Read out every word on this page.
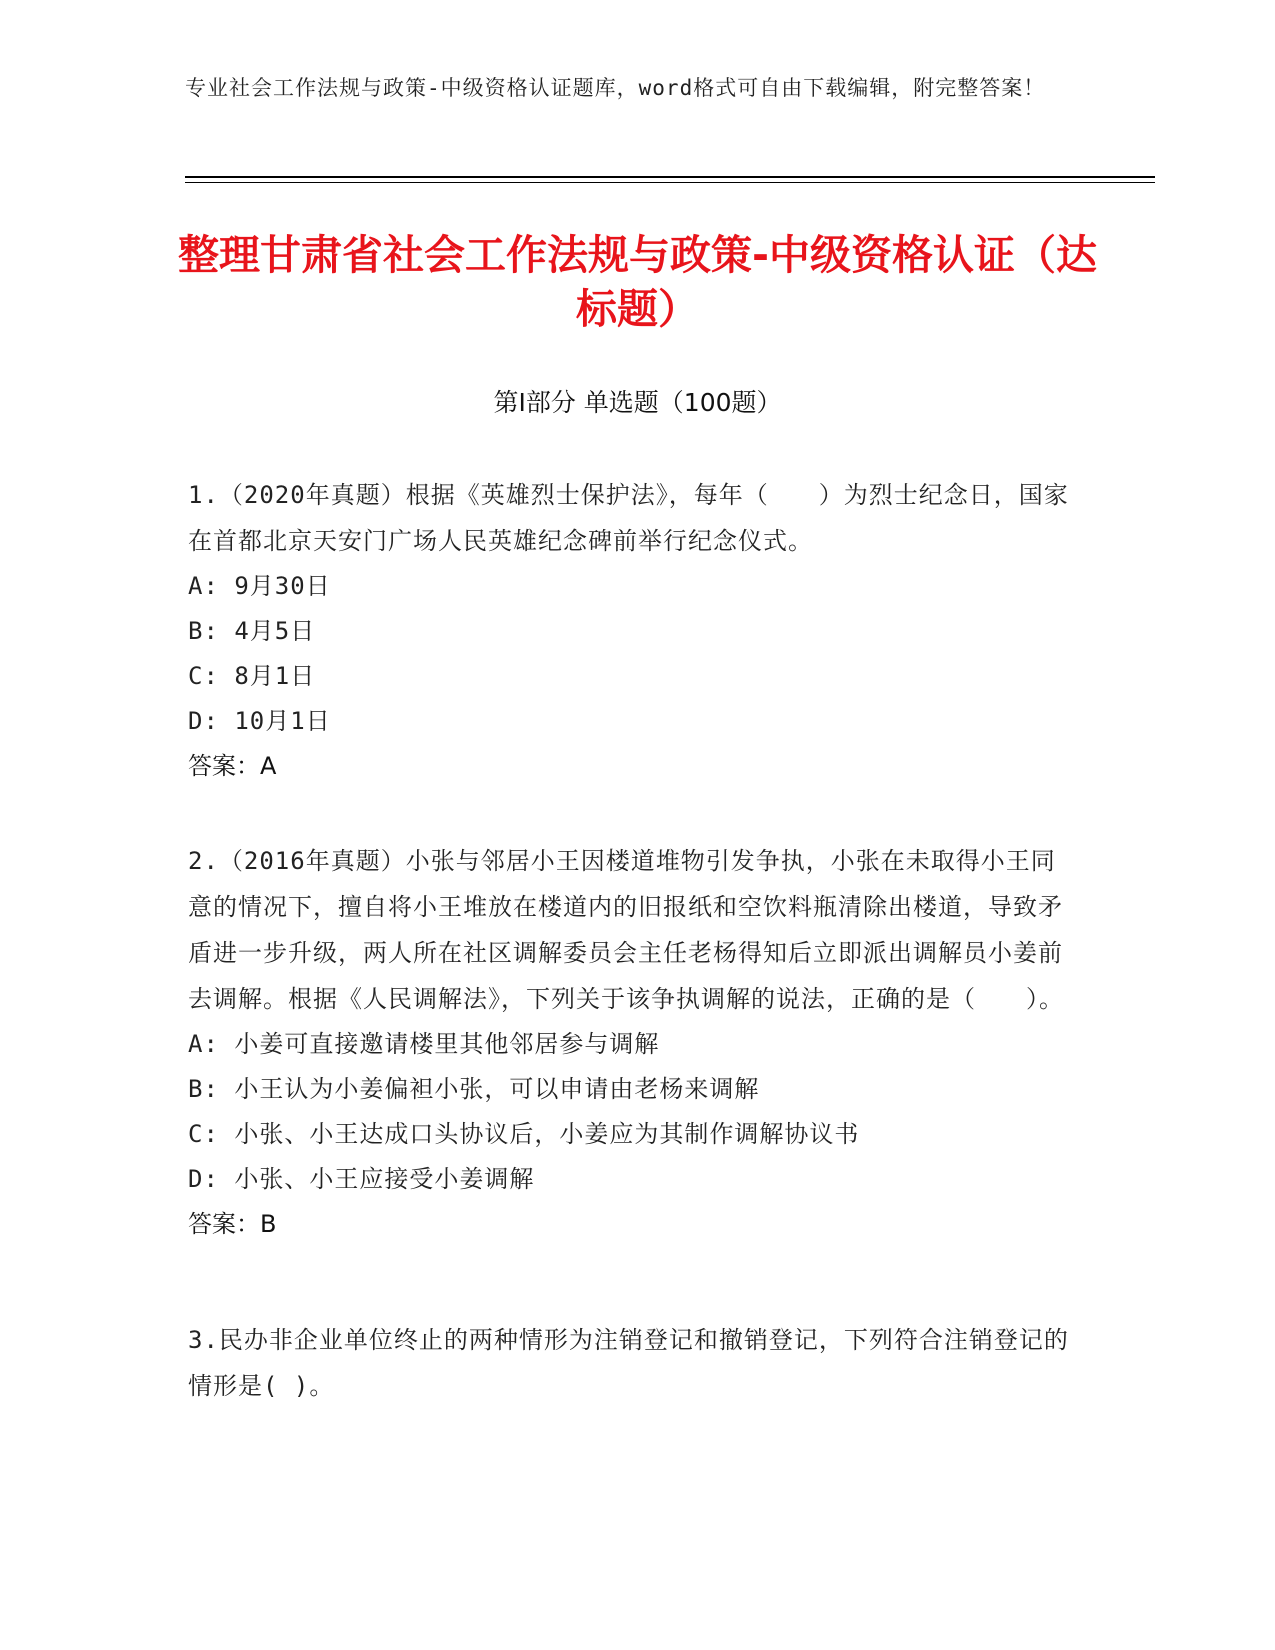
专业社会工作法规与政策-中级资格认证题库，word格式可自由下载编辑，附完整答案！
整理甘肃省社会工作法规与政策-中级资格认证（达标题）
第Ⅰ部分 单选题（100题）
1.（2020年真题）根据《英雄烈士保护法》，每年（　　）为烈士纪念日，国家在首都北京天安门广场人民英雄纪念碑前举行纪念仪式。
A: 9月30日
B: 4月5日
C: 8月1日
D: 10月1日
答案：A
2.（2016年真题）小张与邻居小王因楼道堆物引发争执，小张在未取得小王同意的情况下，擅自将小王堆放在楼道内的旧报纸和空饮料瓶清除出楼道，导致矛盾进一步升级，两人所在社区调解委员会主任老杨得知后立即派出调解员小姜前去调解。根据《人民调解法》，下列关于该争执调解的说法，正确的是（　　）。
A: 小姜可直接邀请楼里其他邻居参与调解
B: 小王认为小姜偏袒小张，可以申请由老杨来调解
C: 小张、小王达成口头协议后，小姜应为其制作调解协议书
D: 小张、小王应接受小姜调解
答案：B
3.民办非企业单位终止的两种情形为注销登记和撤销登记，下列符合注销登记的情形是( )。
